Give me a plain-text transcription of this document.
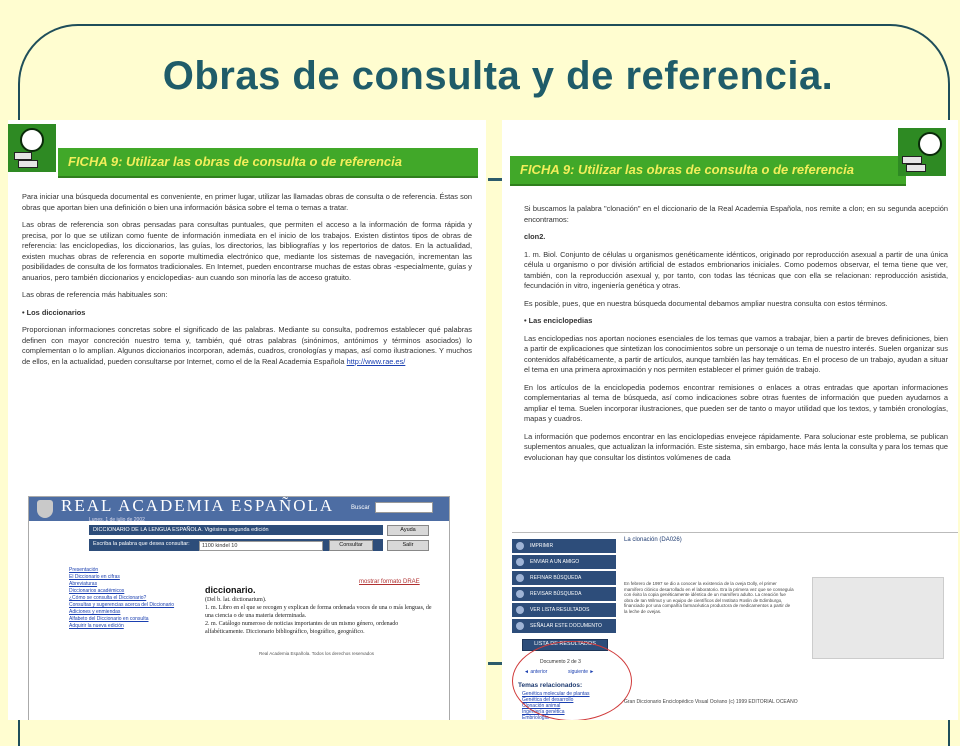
Obras de consulta y de referencia.
FICHA 9: Utilizar las obras de consulta o de referencia

Para iniciar una búsqueda documental es conveniente, en primer lugar, utilizar las llamadas obras de consulta o de referencia. Éstas son obras que aportan bien una definición o bien una información básica sobre el tema o temas a tratar.

Las obras de referencia son obras pensadas para consultas puntuales, que permiten el acceso a la información de forma rápida y precisa, por lo que se utilizan como fuente de información inmediata en el inicio de los trabajos. Existen distintos tipos de obras de referencia: las enciclopedias, los diccionarios, las guías, los directorios, las bibliografías y los repertorios de datos. En la actualidad, existen muchas obras de referencia en soporte multimedia electrónico que, mediante los sistemas de navegación, incrementan las posibilidades de consulta de los formatos tradicionales. En Internet, pueden encontrarse muchas de estas obras -especialmente, guías y anuarios, pero también diccionarios y enciclopedias- aun cuando son minoría las de acceso gratuito.

Las obras de referencia más habituales son:

• Los diccionarios

Proporcionan informaciones concretas sobre el significado de las palabras. Mediante su consulta, podremos establecer qué palabras definen con mayor concreción nuestro tema y, también, qué otras palabras (sinónimos, antónimos y términos asociados) lo complementan o lo amplían. Algunos diccionarios incorporan, además, cuadros, cronologías y mapas, así como ilustraciones. Y muchos de ellos, en la actualidad, pueden consultarse por Internet, como el de la Real Academia Española http://www.rae.es/

REAL ACADEMIA ESPAÑOLA
Lunes, 1 de julio de 2002
Buscar
DICCIONARIO DE LA LENGUA ESPAÑOLA. Vigésima segunda edición	Ayuda
Escriba la palabra que desea consultar:	1100 kindel 10	Consultar	Salir
Presentación
El Diccionario en cifras
Abreviaturas
Diccionarios académicos
¿Cómo se consulta el Diccionario?
Consultas y sugerencias acerca del Diccionario
Adiciones y enmiendas
Alfabeto del Diccionario en consulta
Adquirir la nueva edición
mostrar formato DRAE
diccionario.
(Del b. lat. dictionarium).
1. m. Libro en el que se recogen y explican de forma ordenada voces de una o más lenguas, de una ciencia o de una materia determinada.
2. m. Catálogo numeroso de noticias importantes de un mismo género, ordenado alfabéticamente. Diccionario bibliográfico, biográfico, geográfico.
Real Academia Española. Todos los derechos reservados
FICHA 9: Utilizar las obras de consulta o de referencia

Si buscamos la palabra "clonación" en el diccionario de la Real Academia Española, nos remite a clon; en su segunda acepción encontramos:

clon2.

1. m. Biol. Conjunto de células u organismos genéticamente idénticos, originado por reproducción asexual a partir de una única célula u organismo o por división artificial de estados embrionarios iniciales. Como podemos observar, el tema tiene que ver, también, con la reproducción asexual y, por tanto, con todas las técnicas que con ella se relacionan: reproducción asistida, fecundación in vitro, ingeniería genética y otras.

Es posible, pues, que en nuestra búsqueda documental debamos ampliar nuestra consulta con estos términos.

• Las enciclopedias

Las enciclopedias nos aportan nociones esenciales de los temas que vamos a trabajar, bien a partir de breves definiciones, bien a partir de explicaciones que sintetizan los conocimientos sobre un personaje o un tema de nuestro interés. Suelen organizar sus contenidos alfabéticamente, a partir de artículos, aunque también las hay temáticas. En el proceso de un trabajo, ayudan a situar el tema en una primera aproximación y nos permiten establecer el primer guión de trabajo.

En los artículos de la enciclopedia podemos encontrar remisiones o enlaces a otras entradas que aportan informaciones complementarias al tema de búsqueda, así como indicaciones sobre otras fuentes de información que pueden ayudarnos a ampliar el tema. Suelen incorporar ilustraciones, que pueden ser de tanto o mayor utilidad que los textos, y también cronologías, mapas y cuadros.

La información que podemos encontrar en las enciclopedias envejece rápidamente. Para solucionar este problema, se publican suplementos anuales, que actualizan la información. Este sistema, sin embargo, hace más lenta la consulta y para los temas que evolucionan hay que consultar los distintos volúmenes de cada

IMPRIMIR
ENVIAR A UN AMIGO
REFINAR BÚSQUEDA
REVISAR BÚSQUEDA
VER LISTA RESULTADOS
SEÑALAR ESTE DOCUMENTO
LISTA DE RESULTADOS
Documento 2 de 3
◄ anterior	siguiente ►
Temas relacionados:
Genética molecular de plantas
Genética del desarrollo
Clonación animal
Ingeniería genética
Embriología
La clonación (DA026)
En febrero de 1997 se dio a conocer la existencia de la oveja Dolly, el primer mamífero clónico desarrollado en el laboratorio. Era la primera vez que se conseguía con éxito la copia genéticamente idéntica de un mamífero adulto. La creación fue obra de Ian Wilmut y un equipo de científicos del Instituto Roslin de Edimburgo, financiado por una compañía farmacéutica productora de medicamentos a partir de la leche de ovejas.
Gran Diccionario Enciclopédico Visual Océano (c) 1999 EDITORIAL OCEANO
